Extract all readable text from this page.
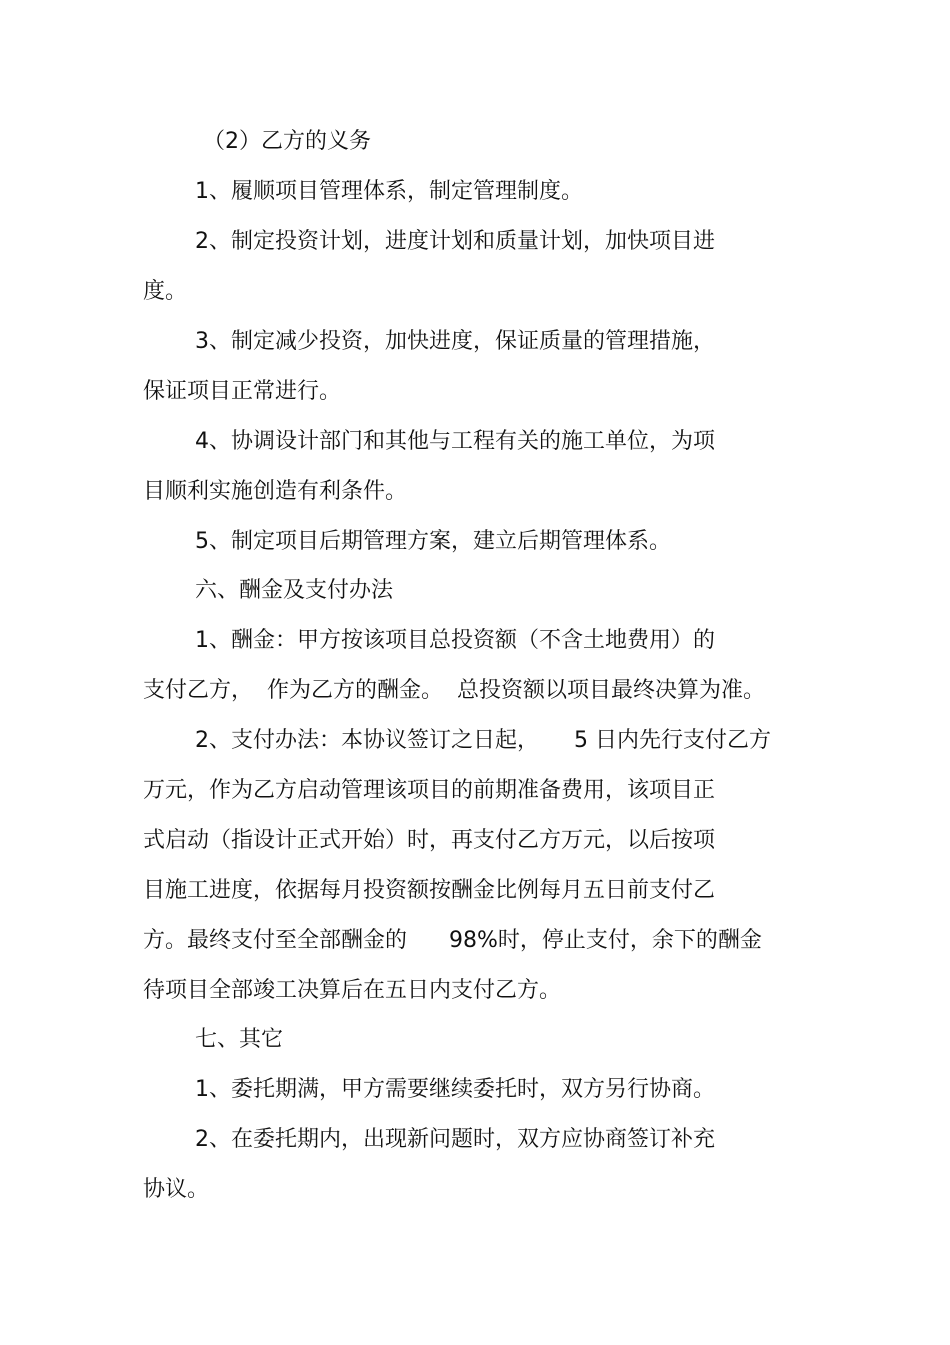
（2）乙方的义务

1、履顺项目管理体系，制定管理制度。

2、制定投资计划，进度计划和质量计划，加快项目进

度。

3、制定减少投资，加快进度，保证质量的管理措施，

保证项目正常进行。

4、协调设计部门和其他与工程有关的施工单位，为项

目顺利实施创造有利条件。

5、制定项目后期管理方案，建立后期管理体系。

六、酬金及支付办法

1、酬金：甲方按该项目总投资额（不含土地费用）的

支付乙方，  作为乙方的酬金。  总投资额以项目最终决算为准。

2、支付办法：本协议签订之日起，     5 日内先行支付乙方

万元，作为乙方启动管理该项目的前期准备费用，该项目正

式启动（指设计正式开始）时，再支付乙方万元，以后按项

目施工进度，依据每月投资额按酬金比例每月五日前支付乙

方。最终支付至全部酬金的      98%时，停止支付，余下的酬金

待项目全部竣工决算后在五日内支付乙方。

七、其它

1、委托期满，甲方需要继续委托时，双方另行协商。

2、在委托期内，出现新问题时，双方应协商签订补充

协议。
